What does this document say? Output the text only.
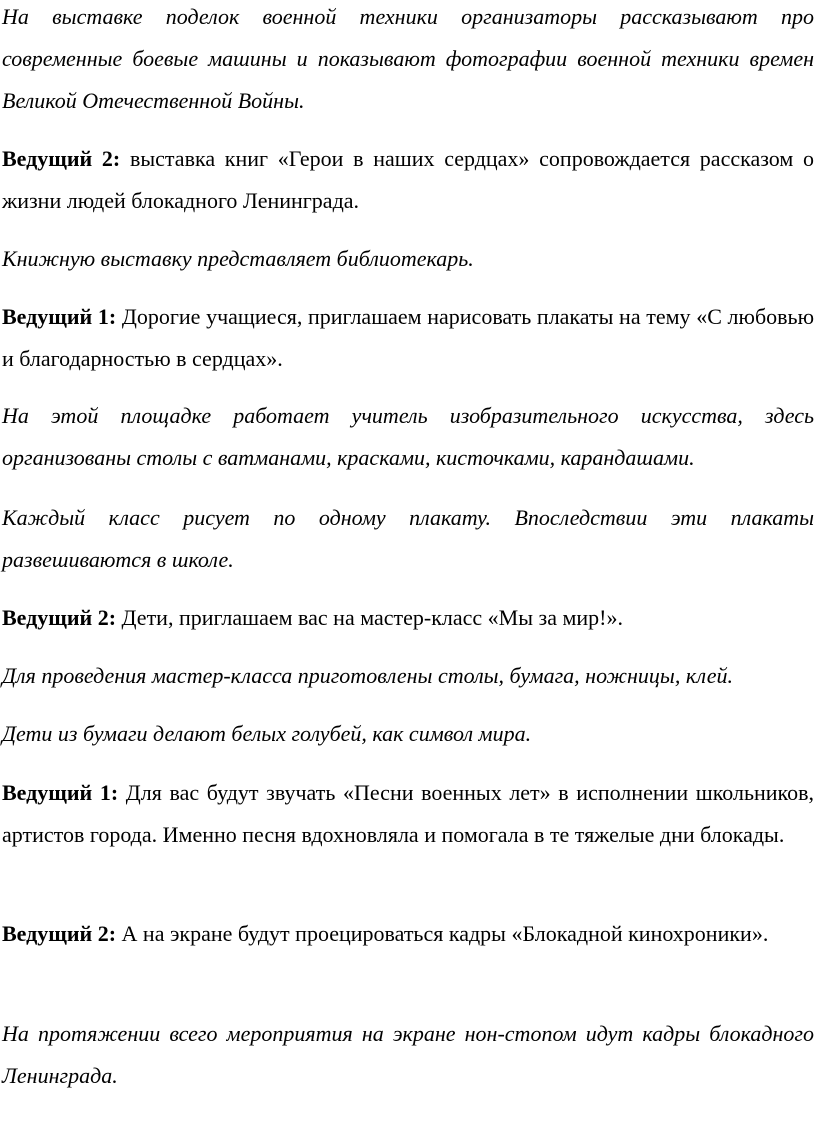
На выставке поделок военной техники организаторы рассказывают про современные боевые машины и показывают фотографии военной техники времен Великой Отечественной Войны.

Ведущий 2: выставка книг «Герои в наших сердцах» сопровождается рассказом о жизни людей блокадного Ленинграда.

Книжную выставку представляет библиотекарь.

Ведущий 1: Дорогие учащиеся, приглашаем нарисовать плакаты на тему «С любовью и благодарностью в сердцах».

На этой площадке работает учитель изобразительного искусства, здесь организованы столы с ватманами, красками, кисточками, карандашами.

Каждый класс рисует по одному плакату. Впоследствии эти плакаты развешиваются в школе.

Ведущий 2: Дети, приглашаем вас на мастер-класс «Мы за мир!».

Для проведения мастер-класса приготовлены столы, бумага, ножницы, клей.

Дети из бумаги делают белых голубей, как символ мира.

Ведущий 1: Для вас будут звучать «Песни военных лет» в исполнении школьников, артистов города. Именно песня вдохновляла и помогала в те тяжелые дни блокады.

Ведущий 2: А на экране будут проецироваться кадры «Блокадной кинохроники».

На протяжении всего мероприятия на экране нон-стопом идут кадры блокадного Ленинграда.
